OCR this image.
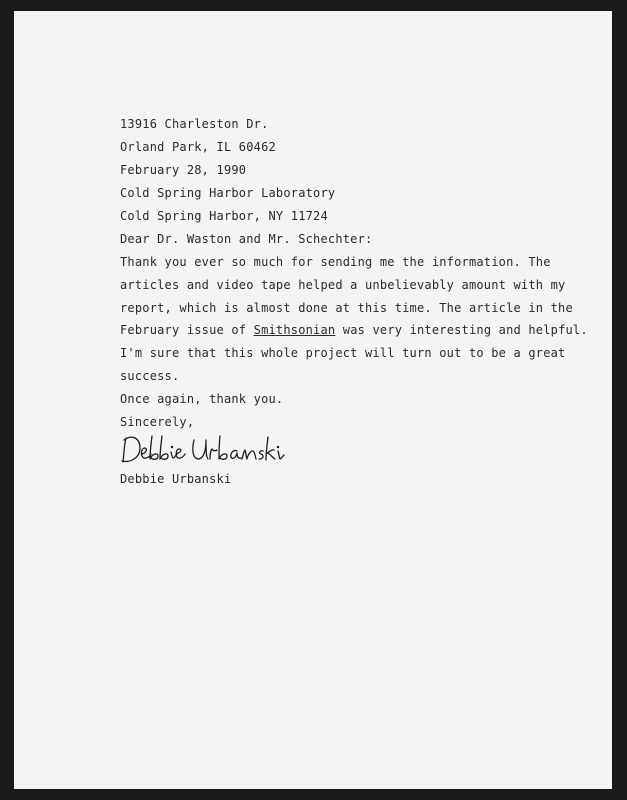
13916 Charleston Dr.
Orland Park, IL 60462
February 28, 1990
Cold Spring Harbor Laboratory
Cold Spring Harbor, NY 11724
Dear Dr. Waston and Mr. Schechter:
Thank you ever so much for sending me the information. The
articles and video tape helped a unbelievably amount with my
report, which is almost done at this time. The article in the
February issue of Smithsonian was very interesting and helpful.
I'm sure that this whole project will turn out to be a great
success.
Once again, thank you.
Sincerely,
Debbie Urbanski
